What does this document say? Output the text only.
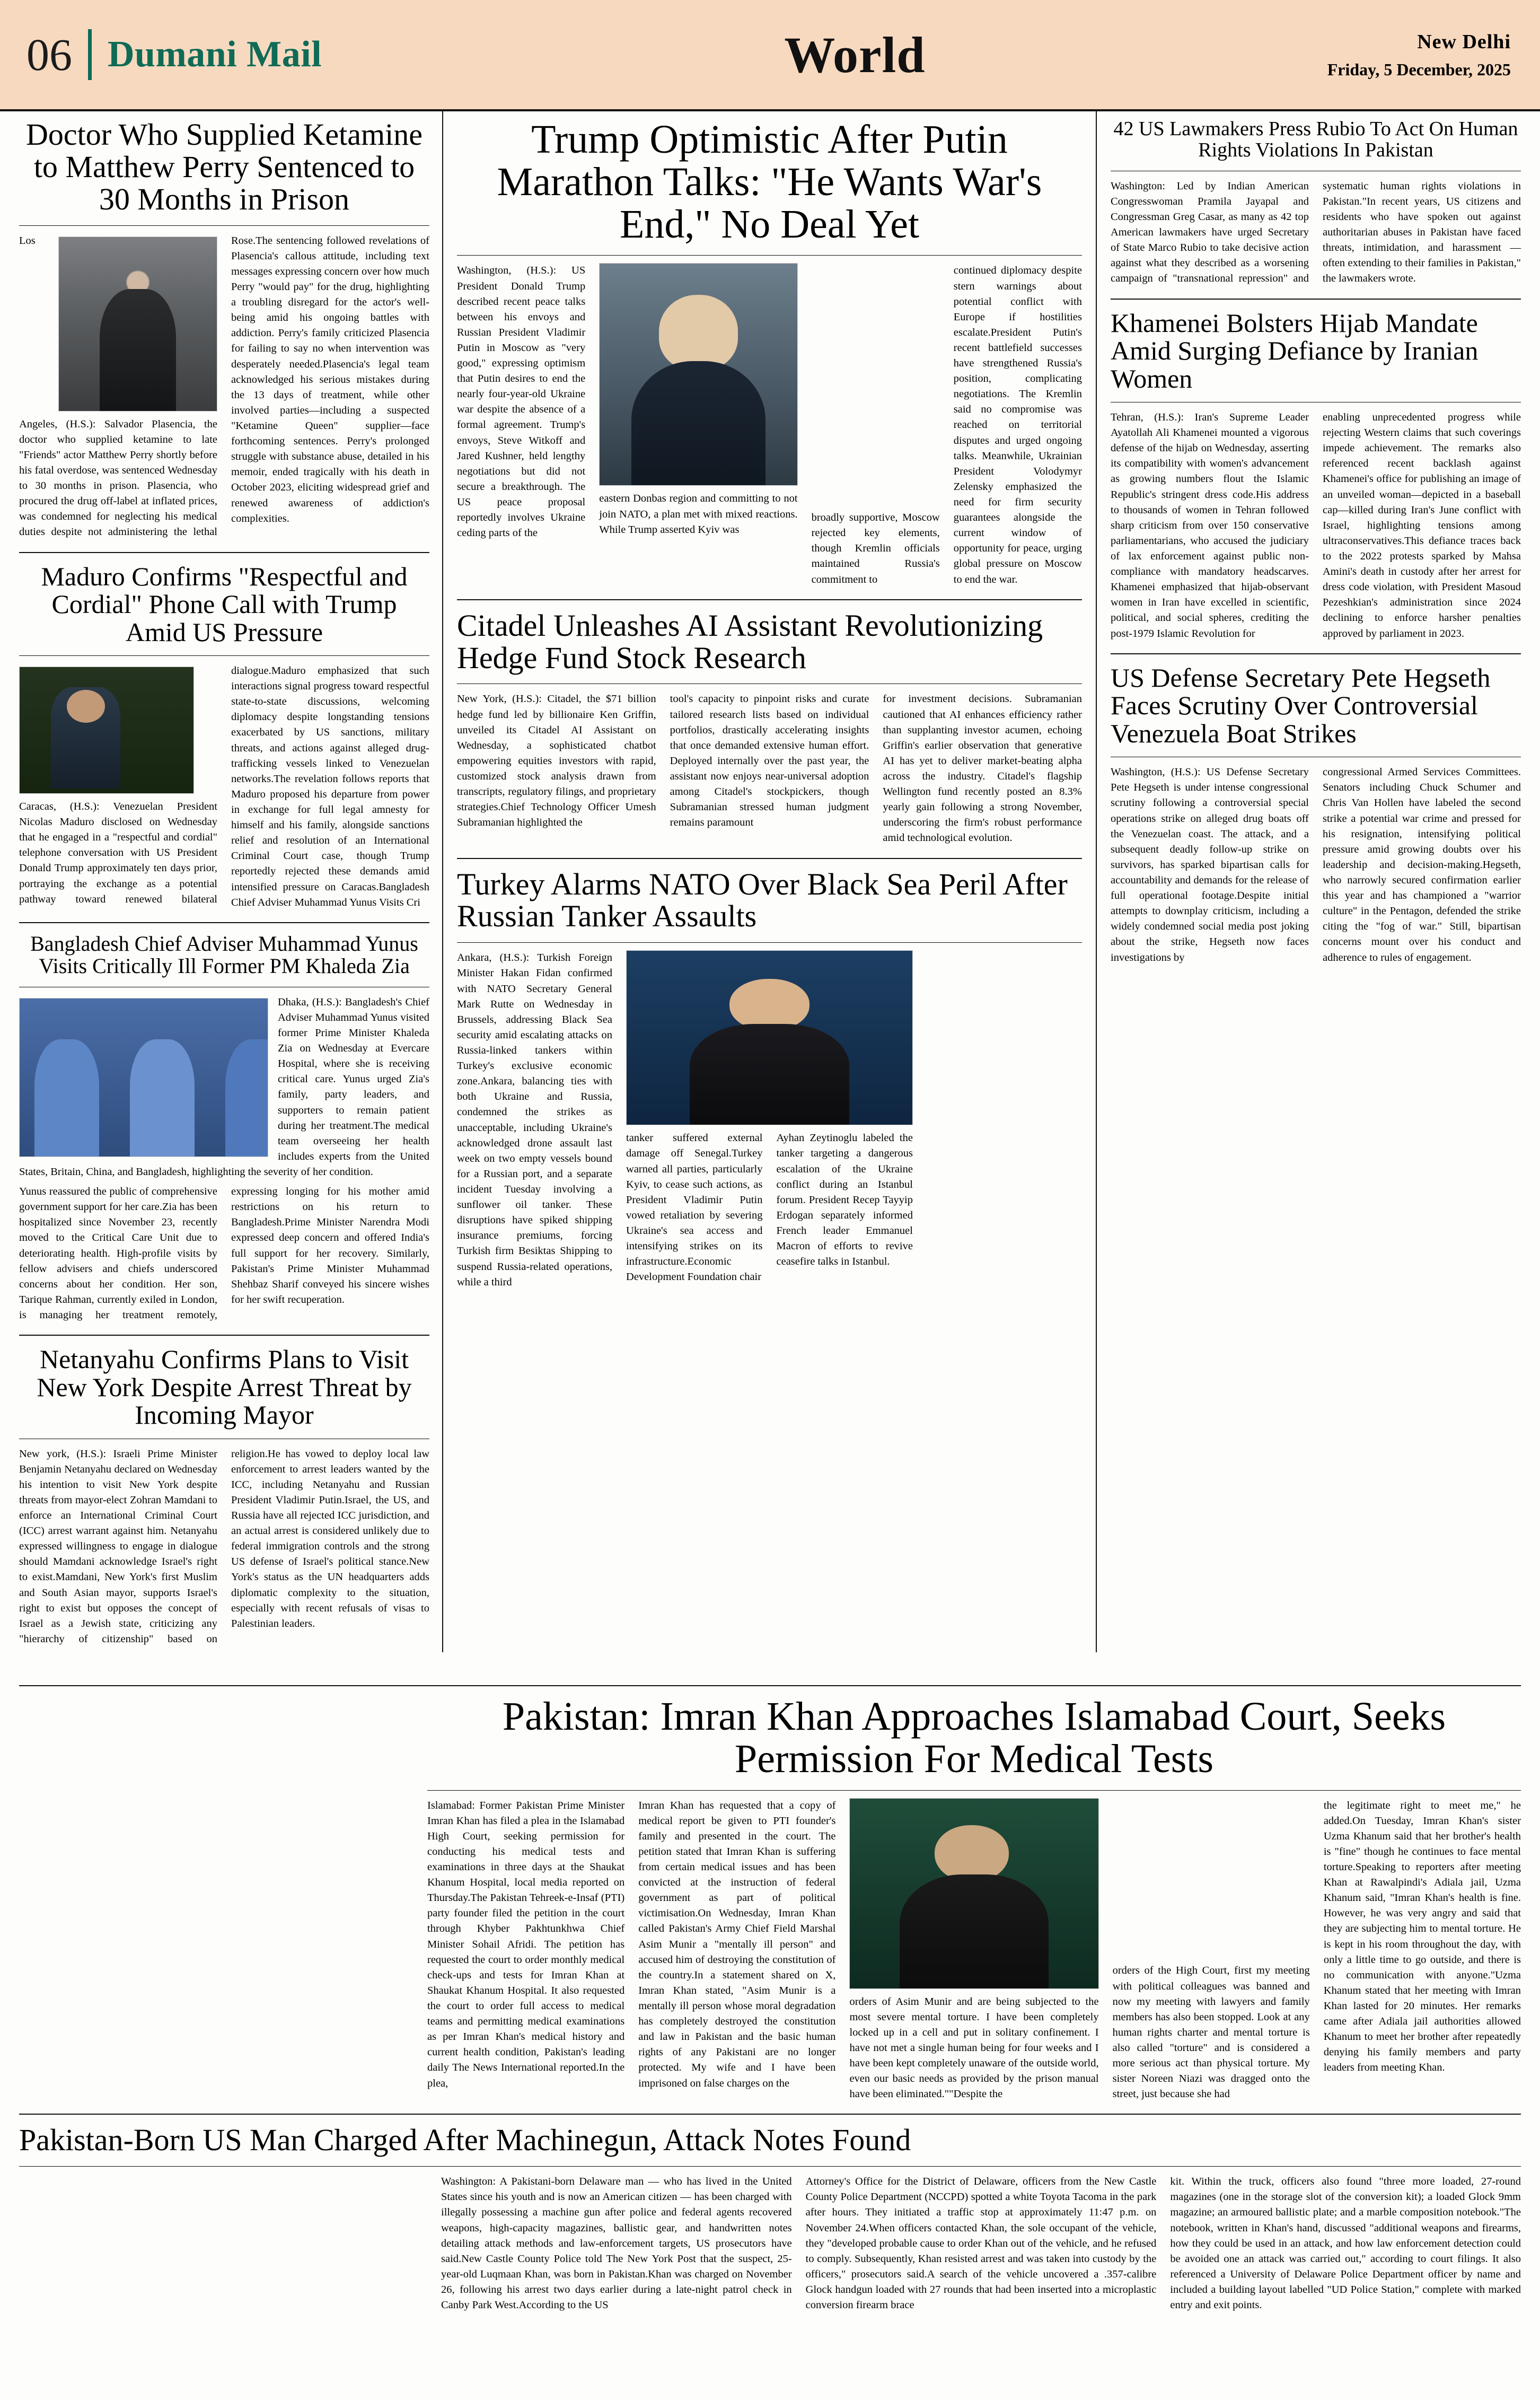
06 Dumani Mail	World	New Delhi
Friday, 5 December, 2025
Doctor Who Supplied Ketamine to Matthew Perry Sentenced to 30 Months in Prison
Los Angeles, (H.S.): Salvador Plasencia, the doctor who supplied ketamine to late "Friends" actor Matthew Perry shortly before his fatal overdose, was sentenced Wednesday to 30 months in prison. Plasencia, who procured the drug off-label at inflated prices, was condemned for neglecting his medical duties despite not administering the lethal Rose.The sentencing followed revelations of Plasencia's callous attitude, including text messages expressing concern over how much Perry "would pay" for the drug, highlighting a troubling disregard for the actor's well-being amid his ongoing battles with addiction. Perry's family criticized Plasencia for failing to say no when intervention was desperately needed.Plasencia's legal team acknowledged his serious mistakes during the 13 days of treatment, while other involved parties—including a suspected "Ketamine Queen" supplier—face forthcoming sentences. Perry's prolonged struggle with substance abuse, detailed in his memoir, ended tragically with his death in October 2023, eliciting widespread grief and renewed awareness of addiction's complexities.
Maduro Confirms "Respectful and Cordial" Phone Call with Trump Amid US Pressure
Caracas, (H.S.): Venezuelan President Nicolas Maduro disclosed on Wednesday that he engaged in a "respectful and cordial" telephone conversation with US President Donald Trump approximately ten days prior, portraying the exchange as a potential pathway toward renewed bilateral dialogue.Maduro emphasized that such interactions signal progress toward respectful state-to-state discussions, welcoming diplomacy despite longstanding tensions exacerbated by US sanctions, military threats, and actions against alleged drug-trafficking vessels linked to Venezuelan networks.The revelation follows reports that Maduro proposed his departure from power in exchange for full legal amnesty for himself and his family, alongside sanctions relief and resolution of an International Criminal Court case, though Trump reportedly rejected these demands amid intensified pressure on Caracas.Bangladesh Chief Adviser Muhammad Yunus Visits Cri
Bangladesh Chief Adviser Muhammad Yunus Visits Critically Ill Former PM Khaleda Zia
Dhaka, (H.S.): Bangladesh's Chief Adviser Muhammad Yunus visited former Prime Minister Khaleda Zia on Wednesday at Evercare Hospital, where she is receiving critical care. Yunus urged Zia's family, party leaders, and supporters to remain patient during her treatment.The medical team overseeing her health includes experts from the United States, Britain, China, and Bangladesh, highlighting the severity of her condition.
Yunus reassured the public of comprehensive government support for her care.Zia has been hospitalized since November 23, recently moved to the Critical Care Unit due to deteriorating health. High-profile visits by fellow advisers and chiefs underscored concerns about her condition. Her son, Tarique Rahman, currently exiled in London, is managing her treatment remotely, expressing longing for his mother amid restrictions on his return to Bangladesh.Prime Minister Narendra Modi expressed deep concern and offered India's full support for her recovery. Similarly, Pakistan's Prime Minister Muhammad Shehbaz Sharif conveyed his sincere wishes for her swift recuperation.
Netanyahu Confirms Plans to Visit New York Despite Arrest Threat by Incoming Mayor
New york, (H.S.): Israeli Prime Minister Benjamin Netanyahu declared on Wednesday his intention to visit New York despite threats from mayor-elect Zohran Mamdani to enforce an International Criminal Court (ICC) arrest warrant against him. Netanyahu expressed willingness to engage in dialogue should Mamdani acknowledge Israel's right to exist.Mamdani, New York's first Muslim and South Asian mayor, supports Israel's right to exist but opposes the concept of Israel as a Jewish state, criticizing any "hierarchy of citizenship" based on religion.He has vowed to deploy local law enforcement to arrest leaders wanted by the ICC, including Netanyahu and Russian President Vladimir Putin.Israel, the US, and Russia have all rejected ICC jurisdiction, and an actual arrest is considered unlikely due to federal immigration controls and the strong US defense of Israel's political stance.New York's status as the UN headquarters adds diplomatic complexity to the situation, especially with recent refusals of visas to Palestinian leaders.
Trump Optimistic After Putin Marathon Talks: "He Wants War's End," No Deal Yet
Washington, (H.S.): US President Donald Trump described recent peace talks between his envoys and Russian President Vladimir Putin in Moscow as "very good," expressing optimism that Putin desires to end the nearly four-year-old Ukraine war despite the absence of a formal agreement. Trump's envoys, Steve Witkoff and Jared Kushner, held lengthy negotiations but did not secure a breakthrough. The US peace proposal reportedly involves Ukraine ceding parts of the
eastern Donbas region and committing to not join NATO, a plan met with mixed reactions. While Trump asserted Kyiv was
broadly supportive, Moscow rejected key elements, though Kremlin officials maintained Russia's commitment to
continued diplomacy despite stern warnings about potential conflict with Europe if hostilities escalate.President Putin's recent battlefield successes have strengthened Russia's position, complicating negotiations. The Kremlin said no compromise was reached on territorial disputes and urged ongoing talks. Meanwhile, Ukrainian President Volodymyr Zelensky emphasized the need for firm security guarantees alongside the current window of opportunity for peace, urging global pressure on Moscow to end the war.
Citadel Unleashes AI Assistant Revolutionizing Hedge Fund Stock Research
New York, (H.S.): Citadel, the $71 billion hedge fund led by billionaire Ken Griffin, unveiled its Citadel AI Assistant on Wednesday, a sophisticated chatbot empowering equities investors with rapid, customized stock analysis drawn from transcripts, regulatory filings, and proprietary strategies.Chief Technology Officer Umesh Subramanian highlighted the
tool's capacity to pinpoint risks and curate tailored research lists based on individual portfolios, drastically accelerating insights that once demanded extensive human effort. Deployed internally over the past year, the assistant now enjoys near-universal adoption among Citadel's stockpickers, though Subramanian stressed human judgment remains paramount
for investment decisions. Subramanian cautioned that AI enhances efficiency rather than supplanting investor acumen, echoing Griffin's earlier observation that generative AI has yet to deliver market-beating alpha across the industry. Citadel's flagship Wellington fund recently posted an 8.3% yearly gain following a strong November, underscoring the firm's robust performance amid technological evolution.
Turkey Alarms NATO Over Black Sea Peril After Russian Tanker Assaults
Ankara, (H.S.): Turkish Foreign Minister Hakan Fidan confirmed with NATO Secretary General Mark Rutte on Wednesday in Brussels, addressing Black Sea security amid escalating attacks on Russia-linked tankers within Turkey's exclusive economic zone.Ankara, balancing ties with both Ukraine and Russia, condemned the strikes as unacceptable, including Ukraine's acknowledged drone assault last week on two empty vessels bound for a Russian port, and a separate incident Tuesday involving a sunflower oil tanker. These disruptions have spiked shipping insurance premiums, forcing Turkish firm Besiktas Shipping to suspend Russia-related operations, while a third
tanker suffered external damage off Senegal.Turkey warned all parties, particularly Kyiv, to cease such actions, as President Vladimir Putin vowed retaliation by severing Ukraine's sea access and intensifying strikes on its infrastructure.Economic Development Foundation chair
Ayhan Zeytinoglu labeled the tanker targeting a dangerous escalation of the Ukraine conflict during an Istanbul forum. President Recep Tayyip Erdogan separately informed French leader Emmanuel Macron of efforts to revive ceasefire talks in Istanbul.
42 US Lawmakers Press Rubio To Act On Human Rights Violations In Pakistan
Washington: Led by Indian American Congresswoman Pramila Jayapal and Congressman Greg Casar, as many as 42 top American lawmakers have urged Secretary of State Marco Rubio to take decisive action against what they described as a worsening campaign of "transnational repression" and systematic human rights violations in Pakistan."In recent years, US citizens and residents who have spoken out against authoritarian abuses in Pakistan have faced threats, intimidation, and harassment — often extending to their families in Pakistan," the lawmakers wrote.
Khamenei Bolsters Hijab Mandate Amid Surging Defiance by Iranian Women
Tehran, (H.S.): Iran's Supreme Leader Ayatollah Ali Khamenei mounted a vigorous defense of the hijab on Wednesday, asserting its compatibility with women's advancement as growing numbers flout the Islamic Republic's stringent dress code.His address to thousands of women in Tehran followed sharp criticism from over 150 conservative parliamentarians, who accused the judiciary of lax enforcement against public non-compliance with mandatory headscarves. Khamenei emphasized that hijab-observant women in Iran have excelled in scientific, political, and social spheres, crediting the post-1979 Islamic Revolution for
enabling unprecedented progress while rejecting Western claims that such coverings impede achievement. The remarks also referenced recent backlash against Khamenei's office for publishing an image of an unveiled woman—depicted in a baseball cap—killed during Iran's June conflict with Israel, highlighting tensions among ultraconservatives.This defiance traces back to the 2022 protests sparked by Mahsa Amini's death in custody after her arrest for dress code violation, with President Masoud Pezeshkian's administration since 2024 declining to enforce harsher penalties approved by parliament in 2023.
US Defense Secretary Pete Hegseth Faces Scrutiny Over Controversial Venezuela Boat Strikes
Washington, (H.S.): US Defense Secretary Pete Hegseth is under intense congressional scrutiny following a controversial special operations strike on alleged drug boats off the Venezuelan coast. The attack, and a subsequent deadly follow-up strike on survivors, has sparked bipartisan calls for accountability and demands for the release of full operational footage.Despite initial attempts to downplay criticism, including a widely condemned social media post joking about the strike, Hegseth now faces investigations by
congressional Armed Services Committees. Senators including Chuck Schumer and Chris Van Hollen have labeled the second strike a potential war crime and pressed for his resignation, intensifying political pressure amid growing doubts over his leadership and decision-making.Hegseth, who narrowly secured confirmation earlier this year and has championed a "warrior culture" in the Pentagon, defended the strike citing the "fog of war." Still, bipartisan concerns mount over his conduct and adherence to rules of engagement.
Pakistan: Imran Khan Approaches Islamabad Court, Seeks Permission For Medical Tests
Islamabad: Former Pakistan Prime Minister Imran Khan has filed a plea in the Islamabad High Court, seeking permission for conducting his medical tests and examinations in three days at the Shaukat Khanum Hospital, local media reported on Thursday.The Pakistan Tehreek-e-Insaf (PTI) party founder filed the petition in the court through Khyber Pakhtunkhwa Chief Minister Sohail Afridi. The petition has requested the court to order monthly medical check-ups and tests for Imran Khan at Shaukat Khanum Hospital. It also requested the court to order full access to medical teams and permitting medical examinations as per Imran Khan's medical history and current health condition, Pakistan's leading daily The News International reported.In the plea,
Imran Khan has requested that a copy of medical report be given to PTI founder's family and presented in the court. The petition stated that Imran Khan is suffering from certain medical issues and has been convicted at the instruction of federal government as part of political victimisation.On Wednesday, Imran Khan called Pakistan's Army Chief Field Marshal Asim Munir a "mentally ill person" and accused him of destroying the constitution of the country.In a statement shared on X, Imran Khan stated, "Asim Munir is a mentally ill person whose moral degradation has completely destroyed the constitution and law in Pakistan and the basic human rights of any Pakistani are no longer protected. My wife and I have been imprisoned on false charges on the
orders of Asim Munir and are being subjected to the most severe mental torture. I have been completely locked up in a cell and put in solitary confinement. I have not met a single human being for four weeks and I have been kept completely unaware of the outside world, even our basic needs as provided by the prison manual have been eliminated.""Despite the
orders of the High Court, first my meeting with political colleagues was banned and now my meeting with lawyers and family members has also been stopped. Look at any human rights charter and mental torture is also called "torture" and is considered a more serious act than physical torture. My sister Noreen Niazi was dragged onto the street, just because she had
the legitimate right to meet me," he added.On Tuesday, Imran Khan's sister Uzma Khanum said that her brother's health is "fine" though he continues to face mental torture.Speaking to reporters after meeting Khan at Rawalpindi's Adiala jail, Uzma Khanum said, "Imran Khan's health is fine. However, he was very angry and said that they are subjecting him to mental torture. He is kept in his room throughout the day, with only a little time to go outside, and there is no communication with anyone."Uzma Khanum stated that her meeting with Imran Khan lasted for 20 minutes. Her remarks came after Adiala jail authorities allowed Khanum to meet her brother after repeatedly denying his family members and party leaders from meeting Khan.
Pakistan-Born US Man Charged After Machinegun, Attack Notes Found
Washington: A Pakistani-born Delaware man — who has lived in the United States since his youth and is now an American citizen — has been charged with illegally possessing a machine gun after police and federal agents recovered weapons, high-capacity magazines, ballistic gear, and handwritten notes detailing attack methods and law-enforcement targets, US prosecutors have said.New Castle County Police told The New York Post that the suspect, 25-year-old Luqmaan Khan, was born in Pakistan.Khan was charged on November 26, following his arrest two days earlier during a late-night patrol check in Canby Park West.According to the US
Attorney's Office for the District of Delaware, officers from the New Castle County Police Department (NCCPD) spotted a white Toyota Tacoma in the park after hours. They initiated a traffic stop at approximately 11:47 p.m. on November 24.When officers contacted Khan, the sole occupant of the vehicle, they "developed probable cause to order Khan out of the vehicle, and he refused to comply. Subsequently, Khan resisted arrest and was taken into custody by the officers," prosecutors said.A search of the vehicle uncovered a .357-calibre Glock handgun loaded with 27 rounds that had been inserted into a microplastic conversion firearm brace
kit. Within the truck, officers also found "three more loaded, 27-round magazines (one in the storage slot of the conversion kit); a loaded Glock 9mm magazine; an armoured ballistic plate; and a marble composition notebook."The notebook, written in Khan's hand, discussed "additional weapons and firearms, how they could be used in an attack, and how law enforcement detection could be avoided one an attack was carried out," according to court filings. It also referenced a University of Delaware Police Department officer by name and included a building layout labelled "UD Police Station," complete with marked entry and exit points.
